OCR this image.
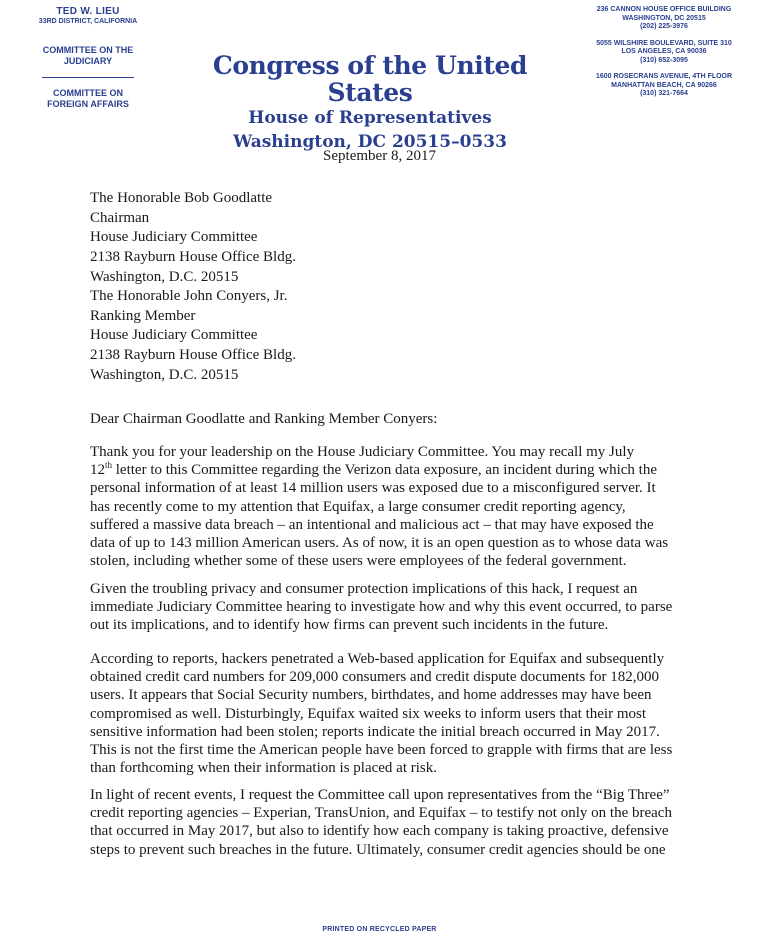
TED W. LIEU
33RD DISTRICT, CALIFORNIA
COMMITTEE ON THE
JUDICIARY
COMMITTEE ON
FOREIGN AFFAIRS
236 CANNON HOUSE OFFICE BUILDING
WASHINGTON, DC 20515
(202) 225-3976
5055 WILSHIRE BOULEVARD, SUITE 310
LOS ANGELES, CA 90036
(310) 652-3095
1600 ROSECRANS AVENUE, 4TH FLOOR
MANHATTAN BEACH, CA 90266
(310) 321-7664
Congress of the United States
House of Representatives
Washington, DC 20515–0533
September 8, 2017
The Honorable Bob Goodlatte
Chairman
House Judiciary Committee
2138 Rayburn House Office Bldg.
Washington, D.C. 20515
The Honorable John Conyers, Jr.
Ranking Member
House Judiciary Committee
2138 Rayburn House Office Bldg.
Washington, D.C. 20515
Dear Chairman Goodlatte and Ranking Member Conyers:
Thank you for your leadership on the House Judiciary Committee. You may recall my July
12th letter to this Committee regarding the Verizon data exposure, an incident during which the
personal information of at least 14 million users was exposed due to a misconfigured server. It
has recently come to my attention that Equifax, a large consumer credit reporting agency,
suffered a massive data breach – an intentional and malicious act – that may have exposed the
data of up to 143 million American users. As of now, it is an open question as to whose data was
stolen, including whether some of these users were employees of the federal government.
Given the troubling privacy and consumer protection implications of this hack, I request an
immediate Judiciary Committee hearing to investigate how and why this event occurred, to parse
out its implications, and to identify how firms can prevent such incidents in the future.
According to reports, hackers penetrated a Web-based application for Equifax and subsequently
obtained credit card numbers for 209,000 consumers and credit dispute documents for 182,000
users. It appears that Social Security numbers, birthdates, and home addresses may have been
compromised as well. Disturbingly, Equifax waited six weeks to inform users that their most
sensitive information had been stolen; reports indicate the initial breach occurred in May 2017.
This is not the first time the American people have been forced to grapple with firms that are less
than forthcoming when their information is placed at risk.
In light of recent events, I request the Committee call upon representatives from the “Big Three”
credit reporting agencies – Experian, TransUnion, and Equifax – to testify not only on the breach
that occurred in May 2017, but also to identify how each company is taking proactive, defensive
steps to prevent such breaches in the future. Ultimately, consumer credit agencies should be one
PRINTED ON RECYCLED PAPER
